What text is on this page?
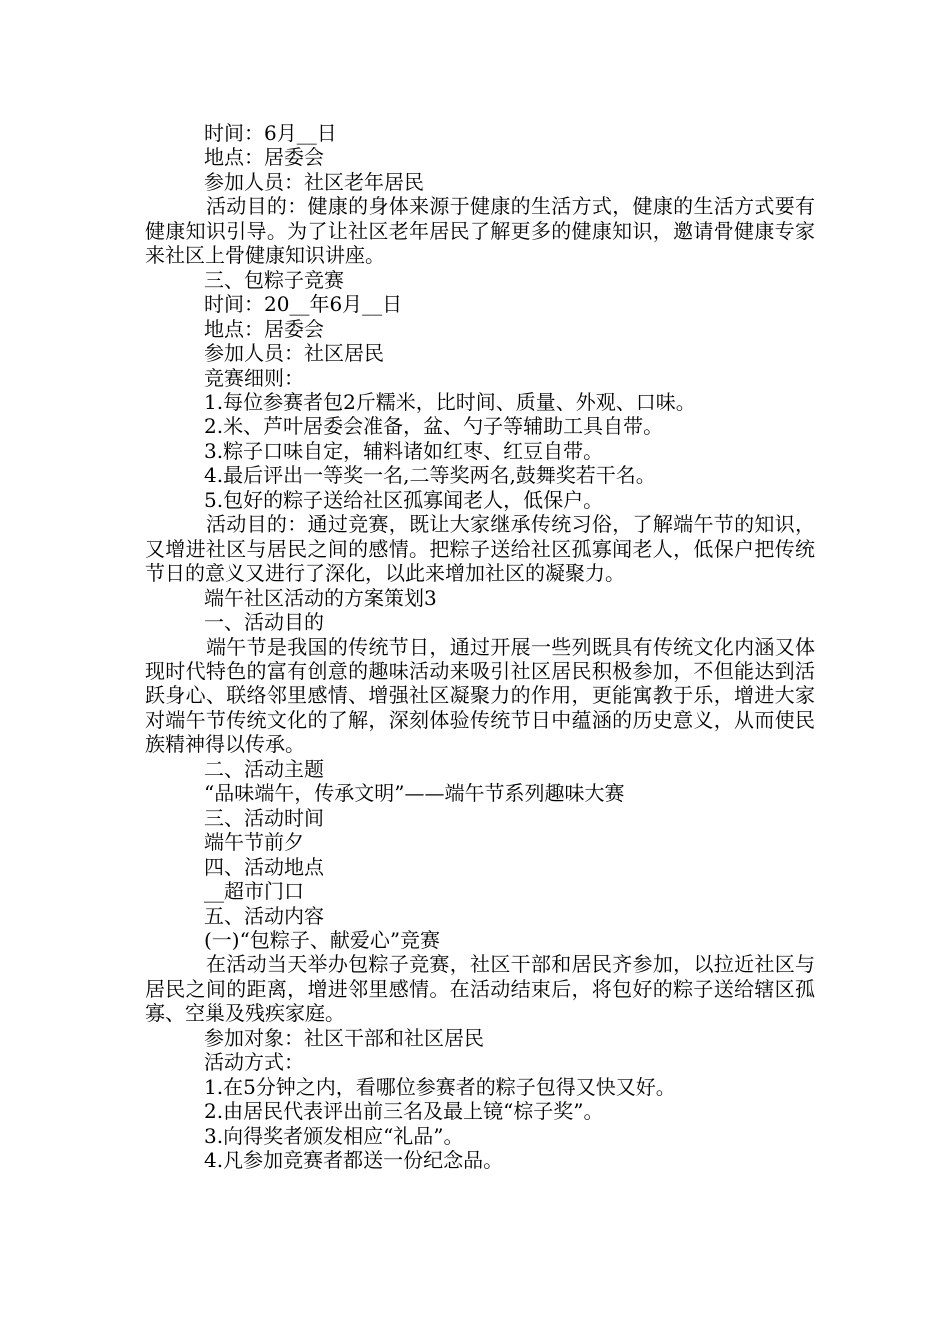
时间：6月__日

地点：居委会

参加人员：社区老年居民

活动目的：健康的身体来源于健康的生活方式，健康的生活方式要有健康知识引导。为了让社区老年居民了解更多的健康知识，邀请骨健康专家来社区上骨健康知识讲座。

三、包粽子竞赛

时间：20__年6月__日

地点：居委会

参加人员：社区居民

竞赛细则：

1.每位参赛者包2斤糯米，比时间、质量、外观、口味。

2.米、芦叶居委会准备，盆、勺子等辅助工具自带。

3.粽子口味自定，辅料诸如红枣、红豆自带。

4.最后评出一等奖一名,二等奖两名,鼓舞奖若干名。

5.包好的粽子送给社区孤寡闻老人，低保户。

活动目的：通过竞赛，既让大家继承传统习俗，了解端午节的知识，又增进社区与居民之间的感情。把粽子送给社区孤寡闻老人，低保户把传统节日的意义又进行了深化，以此来增加社区的凝聚力。

端午社区活动的方案策划3

一、活动目的

端午节是我国的传统节日，通过开展一些列既具有传统文化内涵又体现时代特色的富有创意的趣味活动来吸引社区居民积极参加，不但能达到活跃身心、联络邻里感情、增强社区凝聚力的作用，更能寓教于乐，增进大家对端午节传统文化的了解，深刻体验传统节日中蕴涵的历史意义，从而使民族精神得以传承。

二、活动主题

“品味端午，传承文明”——端午节系列趣味大赛

三、活动时间

端午节前夕

四、活动地点

__超市门口

五、活动内容

(一)“包粽子、献爱心”竞赛

在活动当天举办包粽子竞赛，社区干部和居民齐参加，以拉近社区与居民之间的距离，增进邻里感情。在活动结束后，将包好的粽子送给辖区孤寡、空巢及残疾家庭。

参加对象：社区干部和社区居民

活动方式：

1.在5分钟之内，看哪位参赛者的粽子包得又快又好。

2.由居民代表评出前三名及最上镜“棕子奖”。

3.向得奖者颁发相应“礼品”。

4.凡参加竞赛者都送一份纪念品。
